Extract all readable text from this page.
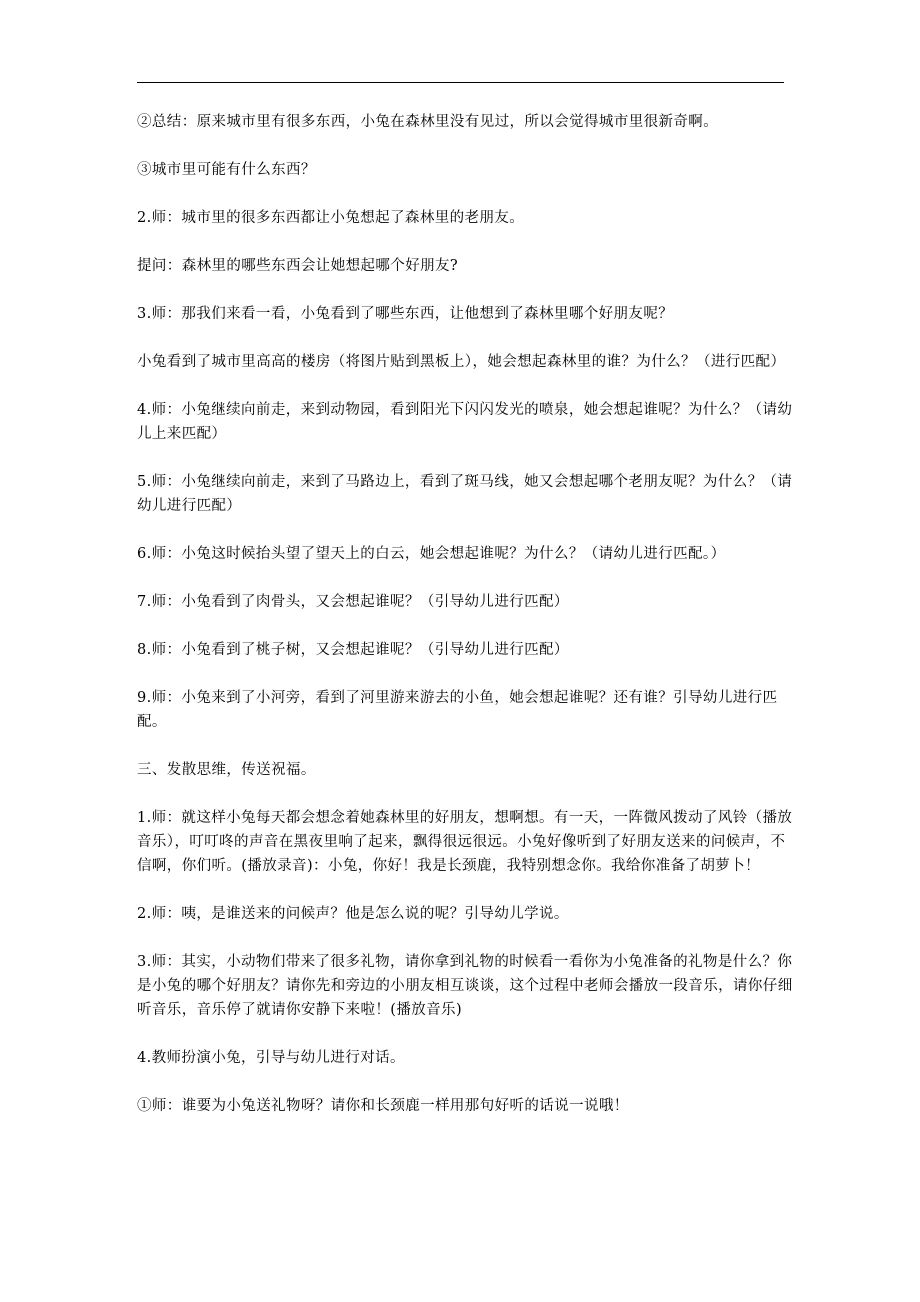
②总结：原来城市里有很多东西，小兔在森林里没有见过，所以会觉得城市里很新奇啊。

③城市里可能有什么东西？

2.师：城市里的很多东西都让小兔想起了森林里的老朋友。

提问：森林里的哪些东西会让她想起哪个好朋友?

3.师：那我们来看一看，小兔看到了哪些东西，让他想到了森林里哪个好朋友呢？

小兔看到了城市里高高的楼房（将图片贴到黑板上），她会想起森林里的谁？为什么？（进行匹配）

4.师：小兔继续向前走，来到动物园，看到阳光下闪闪发光的喷泉，她会想起谁呢？为什么？（请幼儿上来匹配）

5.师：小兔继续向前走，来到了马路边上，看到了斑马线，她又会想起哪个老朋友呢？为什么？（请幼儿进行匹配）

6.师：小兔这时候抬头望了望天上的白云，她会想起谁呢？为什么？（请幼儿进行匹配。）

7.师：小兔看到了肉骨头，又会想起谁呢？（引导幼儿进行匹配）

8.师：小兔看到了桃子树，又会想起谁呢？（引导幼儿进行匹配）

9.师：小兔来到了小河旁，看到了河里游来游去的小鱼，她会想起谁呢？还有谁？引导幼儿进行匹配。

三、发散思维，传送祝福。

1.师：就这样小兔每天都会想念着她森林里的好朋友，想啊想。有一天，一阵微风拨动了风铃（播放音乐），叮叮咚的声音在黑夜里响了起来，飘得很远很远。小兔好像听到了好朋友送来的问候声，不信啊，你们听。(播放录音)：小兔，你好！我是长颈鹿，我特别想念你。我给你准备了胡萝卜！

2.师：咦，是谁送来的问候声？他是怎么说的呢？引导幼儿学说。

3.师：其实，小动物们带来了很多礼物，请你拿到礼物的时候看一看你为小兔准备的礼物是什么？你是小兔的哪个好朋友？请你先和旁边的小朋友相互谈谈，这个过程中老师会播放一段音乐，请你仔细听音乐，音乐停了就请你安静下来啦！(播放音乐)

4.教师扮演小兔，引导与幼儿进行对话。

①师：谁要为小兔送礼物呀？请你和长颈鹿一样用那句好听的话说一说哦！
